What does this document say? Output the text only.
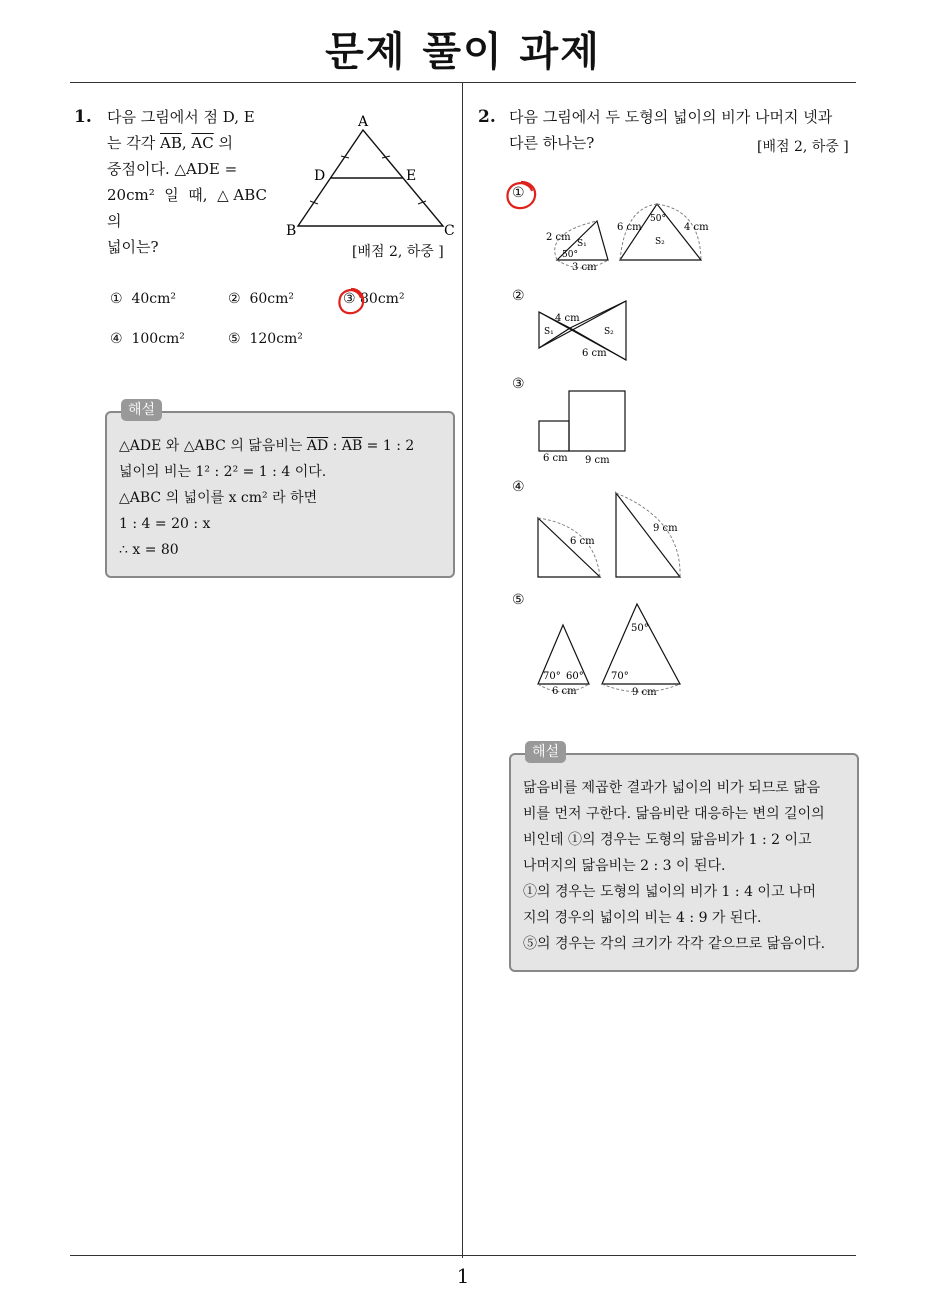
문제 풀이 과제
1
1. 다음 그림에서 점 D, E
는 각각 $\overline{AB}$, $\overline{AC}$ 의
중점이다. △ADE =
20cm² 일 때, △ABC 의
넓이는?
A
B	C
D	E
[배점 2, 하중 ]
① 40cm²	② 60cm²	③ 80cm²
④ 100cm²	⑤ 120cm²
해설
△ADE 와 △ABC 의 닮음비는 $\overline{AD}$ : $\overline{AB} = 1$ : 2
넓이의 비는 1² : 2² = 1 : 4 이다.
△ABC 의 넓이를 x cm² 라 하면
1 : 4 = 20 : x
∴ x = 80
2. 다음 그림에서 두 도형의 넓이의 비가 나머지 넷과
다른 하나는?	[배점 2, 하중 ]
①
2 cm
S₁
50°
3 cm
6 cm
50°
4 cm
S₂
②
4 cm
S₁	S₂
6 cm
③
6 cm 9 cm
④
6 cm
9 cm
⑤
70° 60°
6 cm
50°
70°
9 cm
해설
닮음비를 제곱한 결과가 넓이의 비가 되므로 닮음
비를 먼저 구한다. 닮음비란 대응하는 변의 길이의
비인데 ①의 경우는 도형의 닮음비가 1 : 2 이고
나머지의 닮음비는 2 : 3 이 된다.
①의 경우는 도형의 넓이의 비가 1 : 4 이고 나머
지의 경우의 넓이의 비는 4 : 9 가 된다.
⑤의 경우는 각의 크기가 각각 같으므로 닮음이다.
